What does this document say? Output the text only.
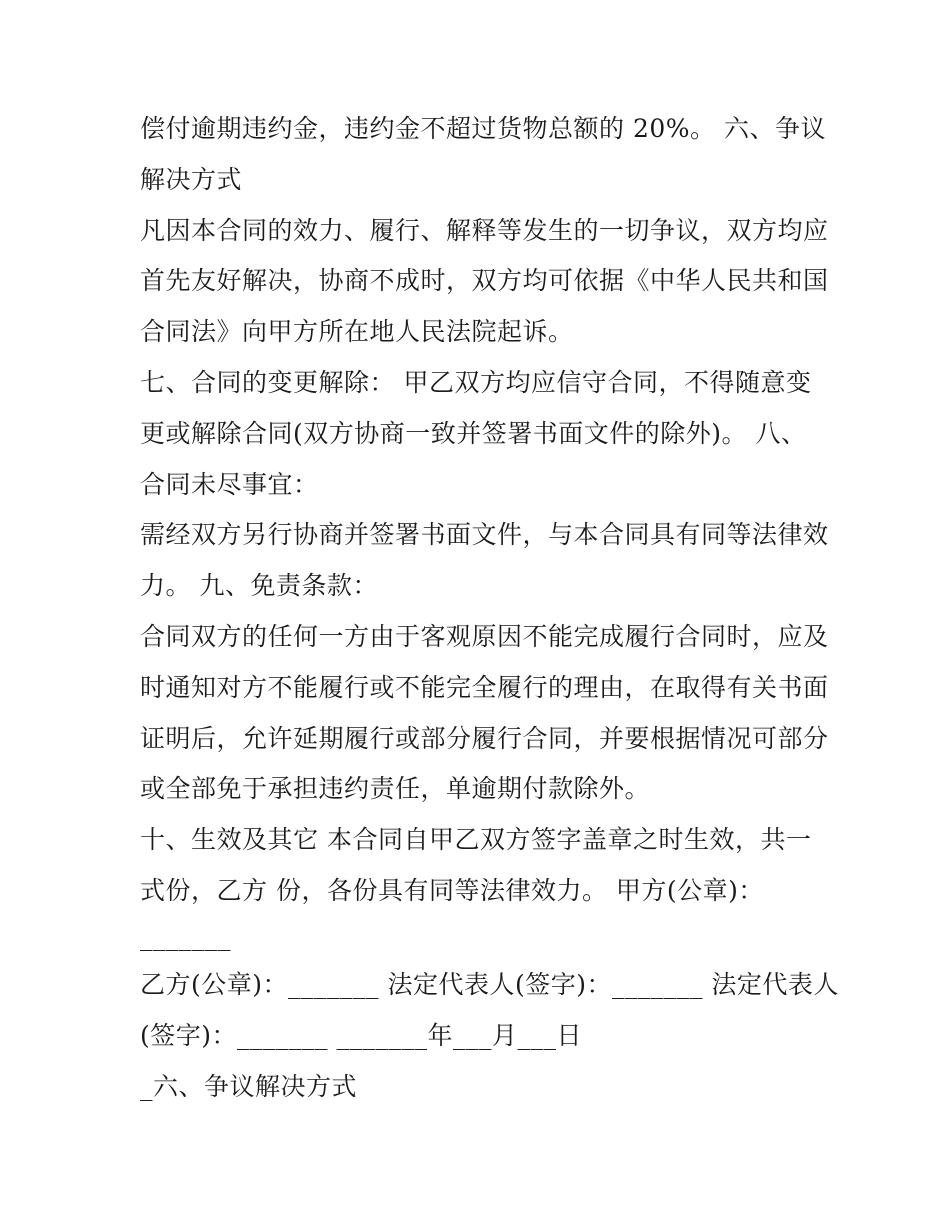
偿付逾期违约金，违约金不超过货物总额的 20%。 六、争议
解决方式
凡因本合同的效力、履行、解释等发生的一切争议，双方均应
首先友好解决，协商不成时，双方均可依据《中华人民共和国
合同法》向甲方所在地人民法院起诉。
七、合同的变更解除： 甲乙双方均应信守合同，不得随意变
更或解除合同(双方协商一致并签署书面文件的除外)。 八、
合同未尽事宜：
需经双方另行协商并签署书面文件，与本合同具有同等法律效
力。 九、免责条款：
合同双方的任何一方由于客观原因不能完成履行合同时，应及
时通知对方不能履行或不能完全履行的理由，在取得有关书面
证明后，允许延期履行或部分履行合同，并要根据情况可部分
或全部免于承担违约责任，单逾期付款除外。
十、生效及其它 本合同自甲乙双方签字盖章之时生效，共一
式份，乙方 份，各份具有同等法律效力。 甲方(公章)：
_______
乙方(公章)：_______ 法定代表人(签字)：_______ 法定代表人
(签字)：_______ _______年___月___日
_六、争议解决方式
